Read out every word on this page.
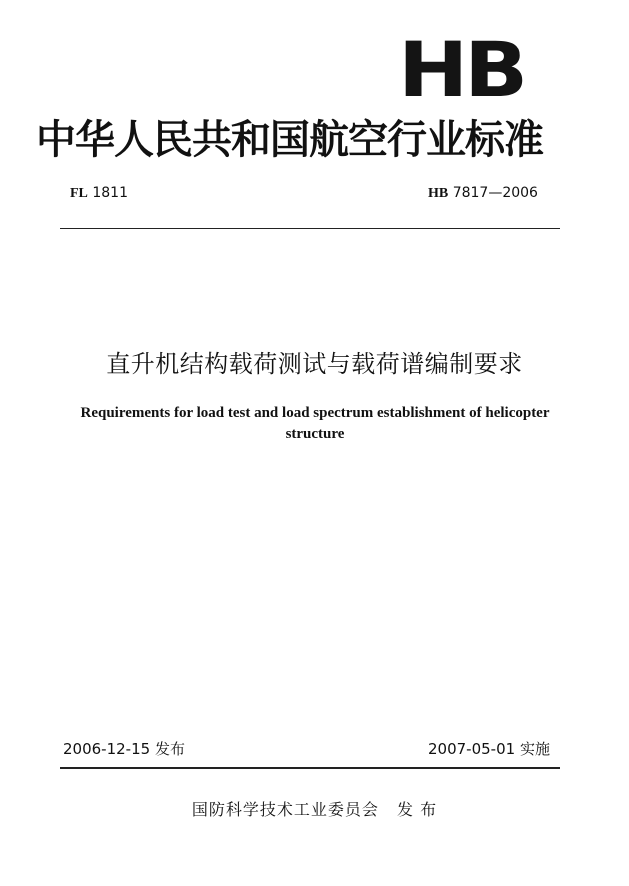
HB
中华人民共和国航空行业标准
FL 1811	HB 7817—2006
直升机结构载荷测试与载荷谱编制要求
Requirements for load test and load spectrum establishment of helicopter structure
2006-12-15 发布	2007-05-01 实施
国防科学技术工业委员会 发 布
